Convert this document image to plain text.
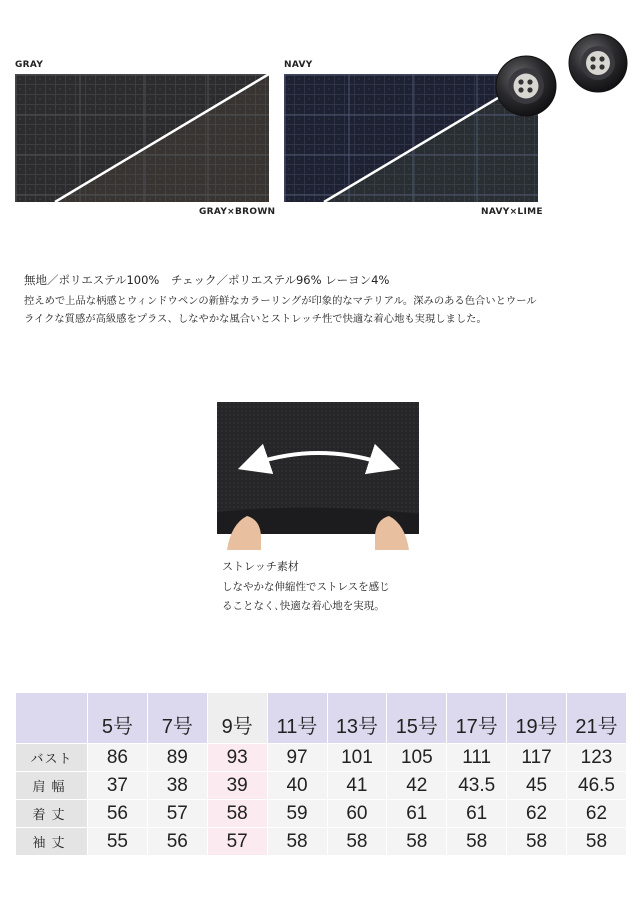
GRAY	NAVY
GRAY×BROWN	NAVY×LIME
無地／ポリエステル100%　チェック／ポリエステル96% レーヨン4%
控えめで上品な柄感とウィンドウペンの新鮮なカラーリングが印象的なマテリアル。深みのある色合いとウール
ライクな質感が高級感をプラス、しなやかな風合いとストレッチ性で快適な着心地も実現しました。
ストレッチ素材
しなやかな伸縮性でストレスを感じ
ることなく､快適な着心地を実現｡
	5号	7号	9号	11号	13号	15号	17号	19号	21号
バスト	86	89	93	97	101	105	111	117	123
肩幅	37	38	39	40	41	42	43.5	45	46.5
着丈	56	57	58	59	60	61	61	62	62
袖丈	55	56	57	58	58	58	58	58	58
